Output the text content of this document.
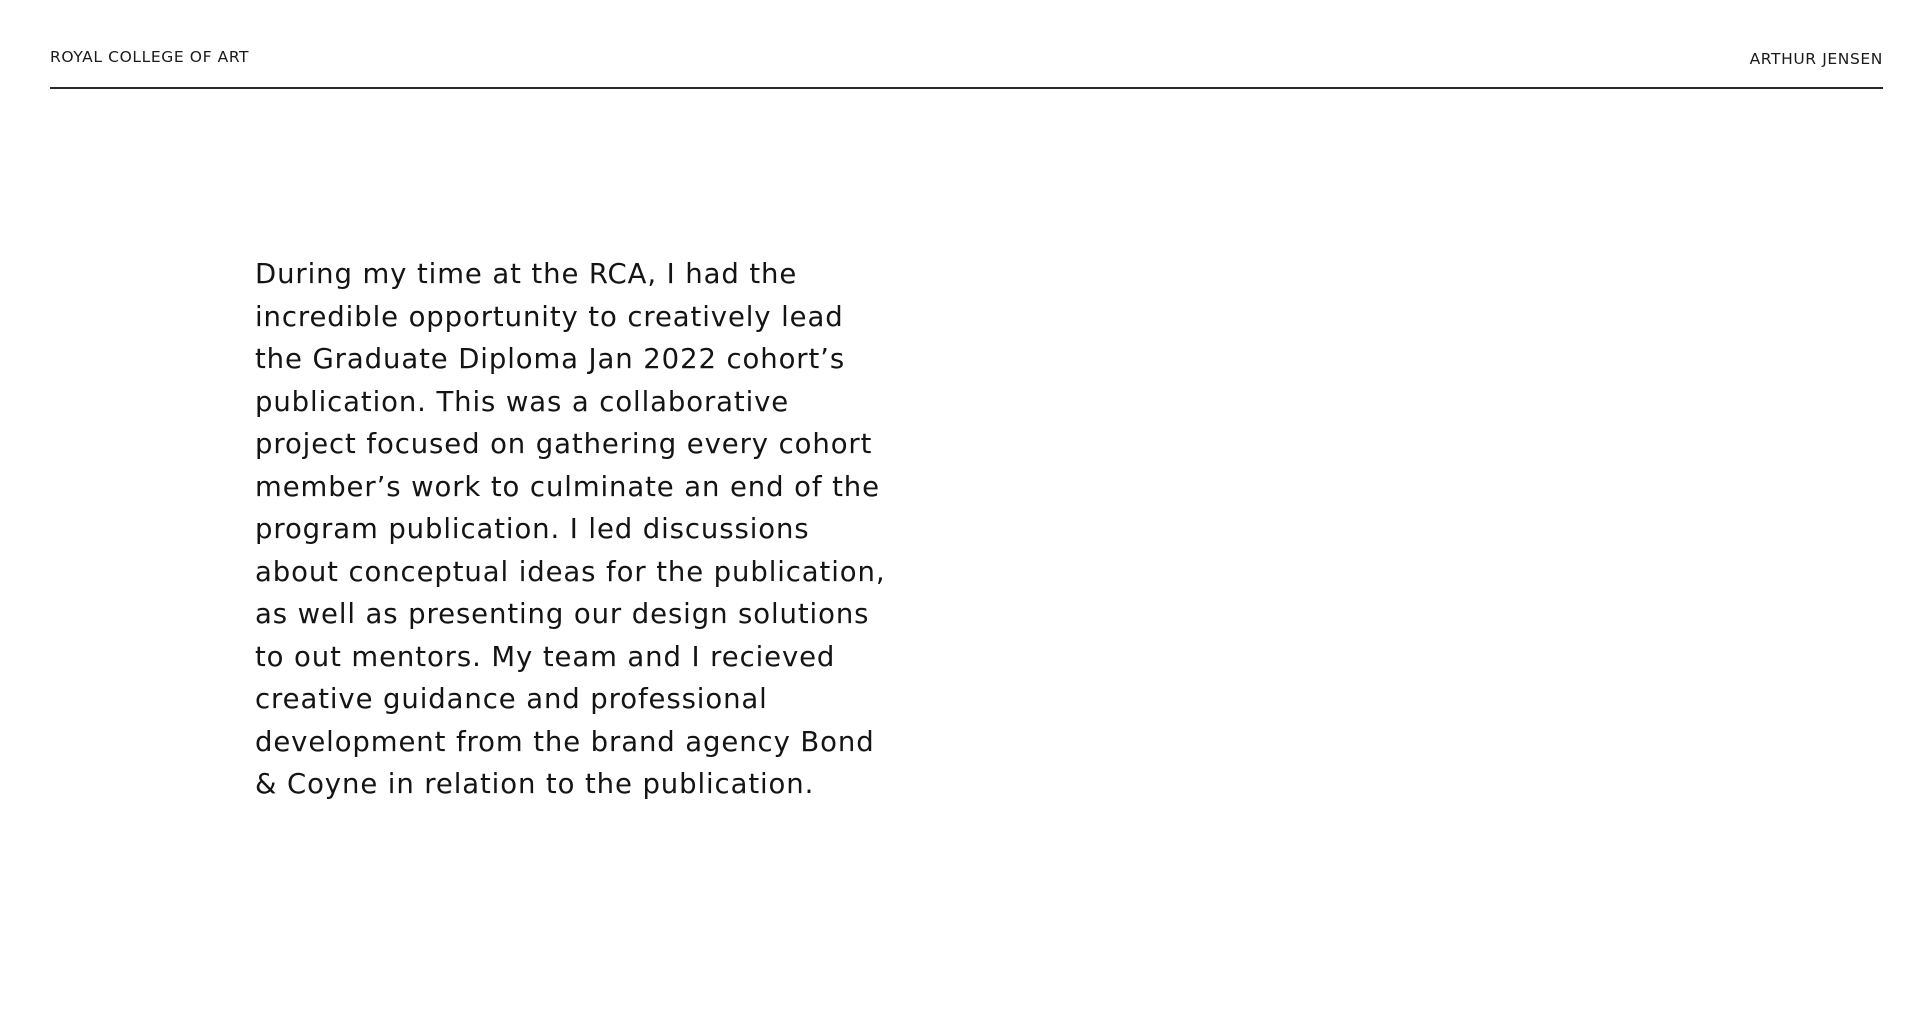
ROYAL COLLEGE OF ART	ARTHUR JENSEN

During my time at the RCA, I had the incredible opportunity to creatively lead the Graduate Diploma Jan 2022 cohort’s publication. This was a collaborative project focused on gathering every cohort member’s work to culminate an end of the program publication. I led discussions about conceptual ideas for the publication, as well as presenting our design solutions to out mentors. My team and I recieved creative guidance and professional development from the brand agency Bond & Coyne in relation to the publication.
